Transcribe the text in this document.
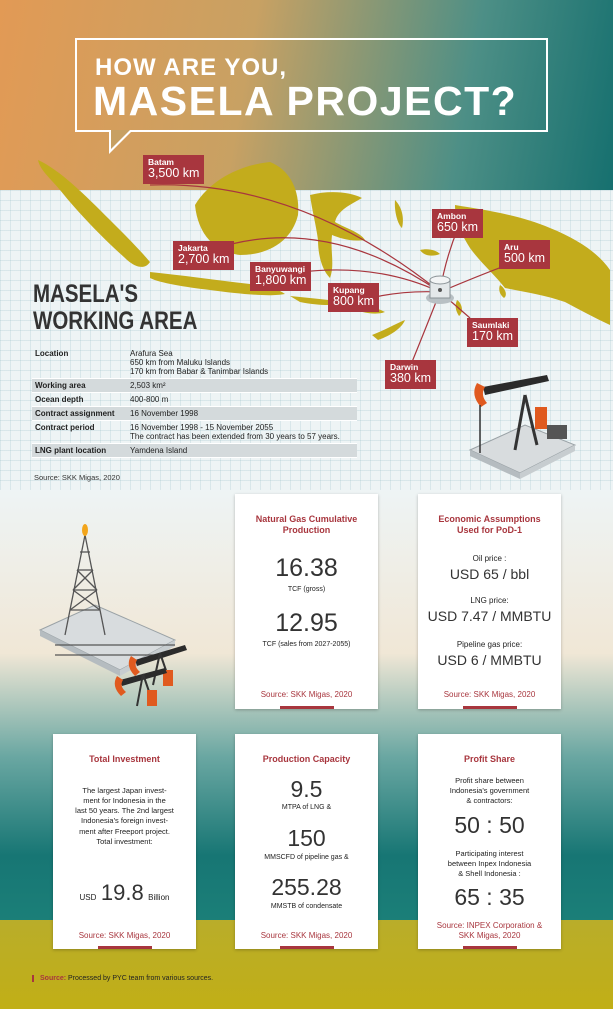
HOW ARE YOU,
MASELA PROJECT?
Batam
3,500 km
Jakarta
2,700 km
Banyuwangi
1,800 km
Kupang
800 km
Ambon
650 km
Aru
500 km
Saumlaki
170 km
Darwin
380 km
MASELA'S
WORKING AREA
Location	Arafura Sea
650 km from Maluku Islands
170 km from Babar & Tanimbar Islands

Working area	2,503 km²
Ocean depth	400-800 m
Contract assignment	16 November 1998
Contract period	16 November 1998 - 15 November 2055
The contract has been extended from 30 years to 57 years.

LNG plant location	Yamdena Island
Source: SKK Migas, 2020
Natural Gas Cumulative
Production
16.38
TCF (gross)
12.95
TCF (sales from 2027-2055)
Source: SKK Migas, 2020
Economic Assumptions
Used for PoD-1
Oil price :
USD 65 / bbl
LNG price:
USD 7.47 / MMBTU
Pipeline gas price:
USD 6 / MMBTU
Source: SKK Migas, 2020
Total Investment
The largest Japan invest-
ment for Indonesia in the
last 50 years. The 2nd largest
Indonesia's foreign invest-
ment after Freeport project.
Total investment:
USD 19.8 Billion
Source: SKK Migas, 2020
Production Capacity
9.5
MTPA of LNG &
150
MMSCFD of pipeline gas &
255.28
MMSTB of condensate
Source: SKK Migas, 2020
Profit Share
Profit share between
Indonesia's government
& contractors:
50 : 50
Participating interest
between Inpex Indonesia
& Shell Indonesia :
65 : 35
Source: INPEX Corporation &
SKK Migas, 2020
Source: Processed by PYC team from various sources.
